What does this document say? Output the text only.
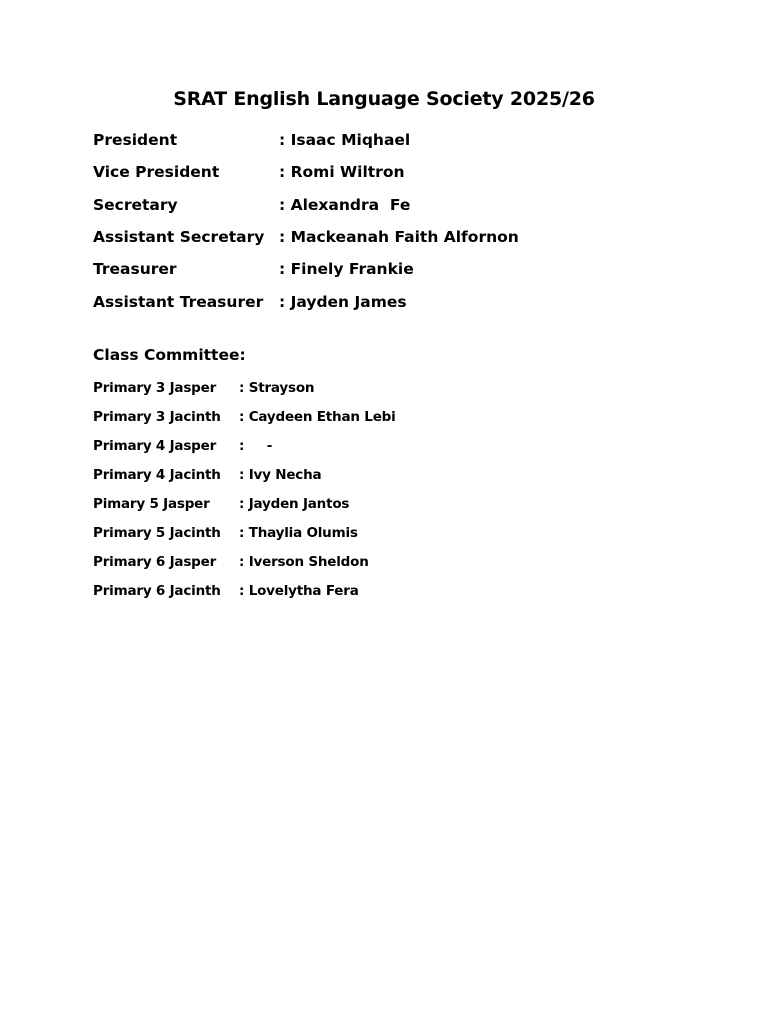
SRAT English Language Society 2025/26
President	: Isaac Miqhael
Vice President	: Romi Wiltron
Secretary	: Alexandra  Fe
Assistant Secretary : Mackeanah Faith Alfornon
Treasurer	: Finely Frankie
Assistant Treasurer	: Jayden James
Class Committee:
Primary 3 Jasper	: Strayson
Primary 3 Jacinth	: Caydeen Ethan Lebi
Primary 4 Jasper	:     -
Primary 4 Jacinth	: Ivy Necha
Pimary 5 Jasper	: Jayden Jantos
Primary 5 Jacinth	: Thaylia Olumis
Primary 6 Jasper	: Iverson Sheldon
Primary 6 Jacinth	: Lovelytha Fera
